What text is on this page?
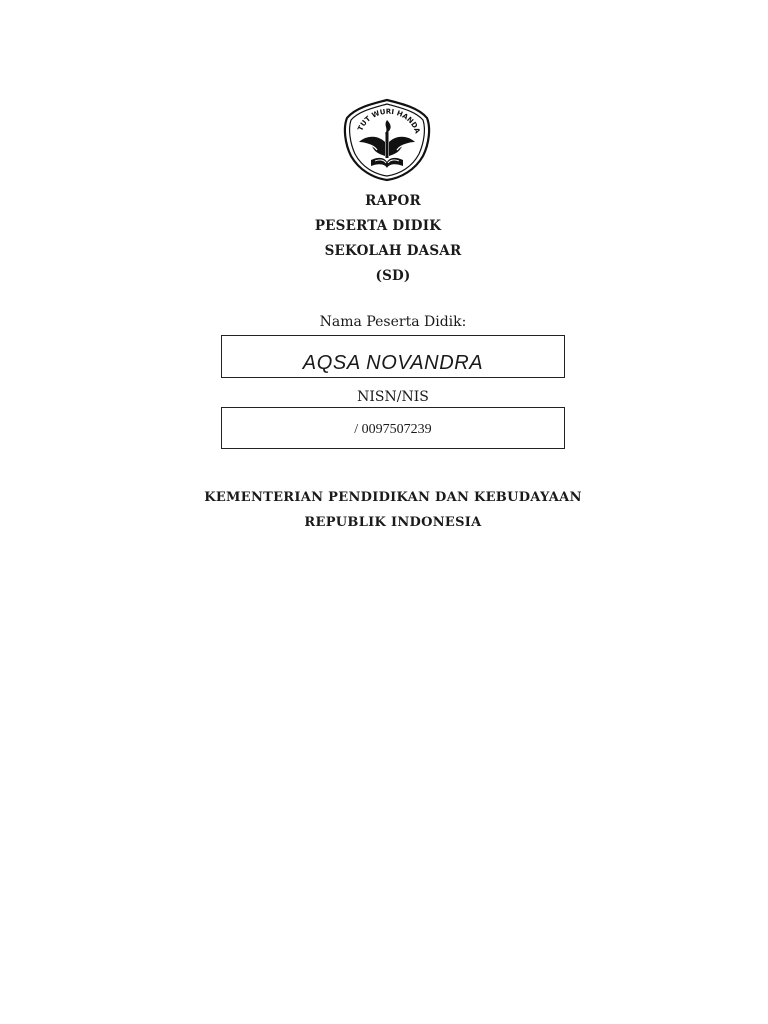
TUT WURI HANDA
RAPOR
PESERTA DIDIK
SEKOLAH DASAR
(SD)
Nama Peserta Didik:
AQSA NOVANDRA
NISN/NIS
/ 0097507239
KEMENTERIAN PENDIDIKAN DAN KEBUDAYAAN
REPUBLIK INDONESIA
